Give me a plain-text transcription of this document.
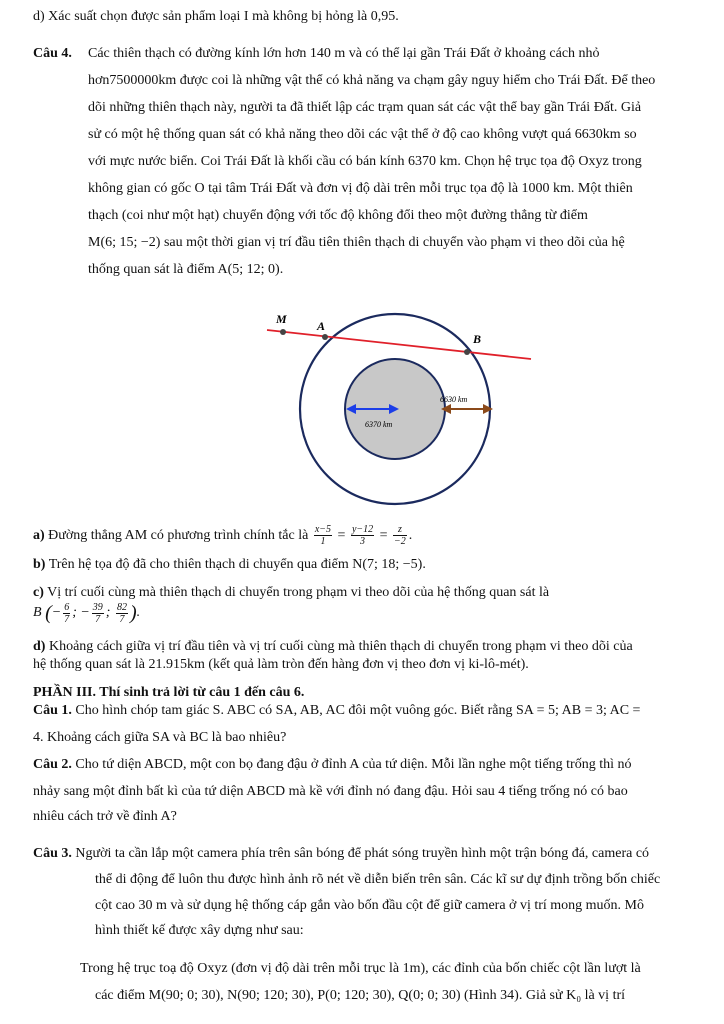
d) Xác suất chọn được sản phẩm loại I mà không bị hỏng là 0,95.
Câu 4. Các thiên thạch có đường kính lớn hơn 140 m và có thể lại gần Trái Đất ở khoảng cách nhỏ
hơn7500000km được coi là những vật thể có khả năng va chạm gây nguy hiểm cho Trái Đất. Để theo
dõi những thiên thạch này, người ta đã thiết lập các trạm quan sát các vật thể bay gần Trái Đất. Giả
sử có một hệ thống quan sát có khả năng theo dõi các vật thể ở độ cao không vượt quá 6630km so
với mực nước biển. Coi Trái Đất là khối cầu có bán kính 6370 km. Chọn hệ trục tọa độ Oxyz trong
không gian có gốc O tại tâm Trái Đất và đơn vị độ dài trên mỗi trục tọa độ là 1000 km. Một thiên
thạch (coi như một hạt) chuyển động với tốc độ không đổi theo một đường thẳng từ điểm
M(6; 15; −2) sau một thời gian vị trí đầu tiên thiên thạch di chuyển vào phạm vi theo dõi của hệ
thống quan sát là điểm A(5; 12; 0).
M	A
B
6630 km
6370 km
a) Đường thẳng AM có phương trình chính tắc là $\frac{x-5}{1} = \frac{y-12}{3} = \frac{z}{-2}$ .
b) Trên hệ tọa độ đã cho thiên thạch di chuyển qua điểm N(7; 18; −5).
c) Vị trí cuối cùng mà thiên thạch di chuyển trong phạm vi theo dõi của hệ thống quan sát là
B (− $\frac{6}{7}$ ; − $\frac{39}{7}$ ; $\frac{82}{7}$ ).
d) Khoảng cách giữa vị trí đầu tiên và vị trí cuối cùng mà thiên thạch di chuyển trong phạm vi theo dõi của
hệ thống quan sát là 21.915km (kết quả làm tròn đến hàng đơn vị theo đơn vị ki-lô-mét).
PHẦN III. Thí sinh trả lời từ câu 1 đến câu 6.
Câu 1. Cho hình chóp tam giác S. ABC có SA, AB, AC đôi một vuông góc. Biết rằng SA = 5; AB = 3; AC =
4. Khoảng cách giữa SA và BC là bao nhiêu?
Câu 2. Cho tứ diện ABCD, một con bọ đang đậu ở đỉnh A của tứ diện. Mỗi lần nghe một tiếng trống thì nó
nhảy sang một đỉnh bất kì của tứ diện ABCD mà kề với đỉnh nó đang đậu. Hỏi sau 4 tiếng trống nó có bao
nhiêu cách trở về đỉnh A?
Câu 3. Người ta cần lắp một camera phía trên sân bóng để phát sóng truyền hình một trận bóng đá, camera có
thể di động để luôn thu được hình ảnh rõ nét về diễn biến trên sân. Các kĩ sư dự định trồng bốn chiếc
cột cao 30 m và sử dụng hệ thống cáp gắn vào bốn đầu cột để giữ camera ở vị trí mong muốn. Mô
hình thiết kế được xây dựng như sau:
Trong hệ trục toạ độ Oxyz (đơn vị độ dài trên mỗi trục là 1m), các đỉnh của bốn chiếc cột lần lượt là
các điểm M(90; 0; 30), N(90; 120; 30), P(0; 120; 30), Q(0; 0; 30) (Hình 34). Giả sử K₀ là vị trí
